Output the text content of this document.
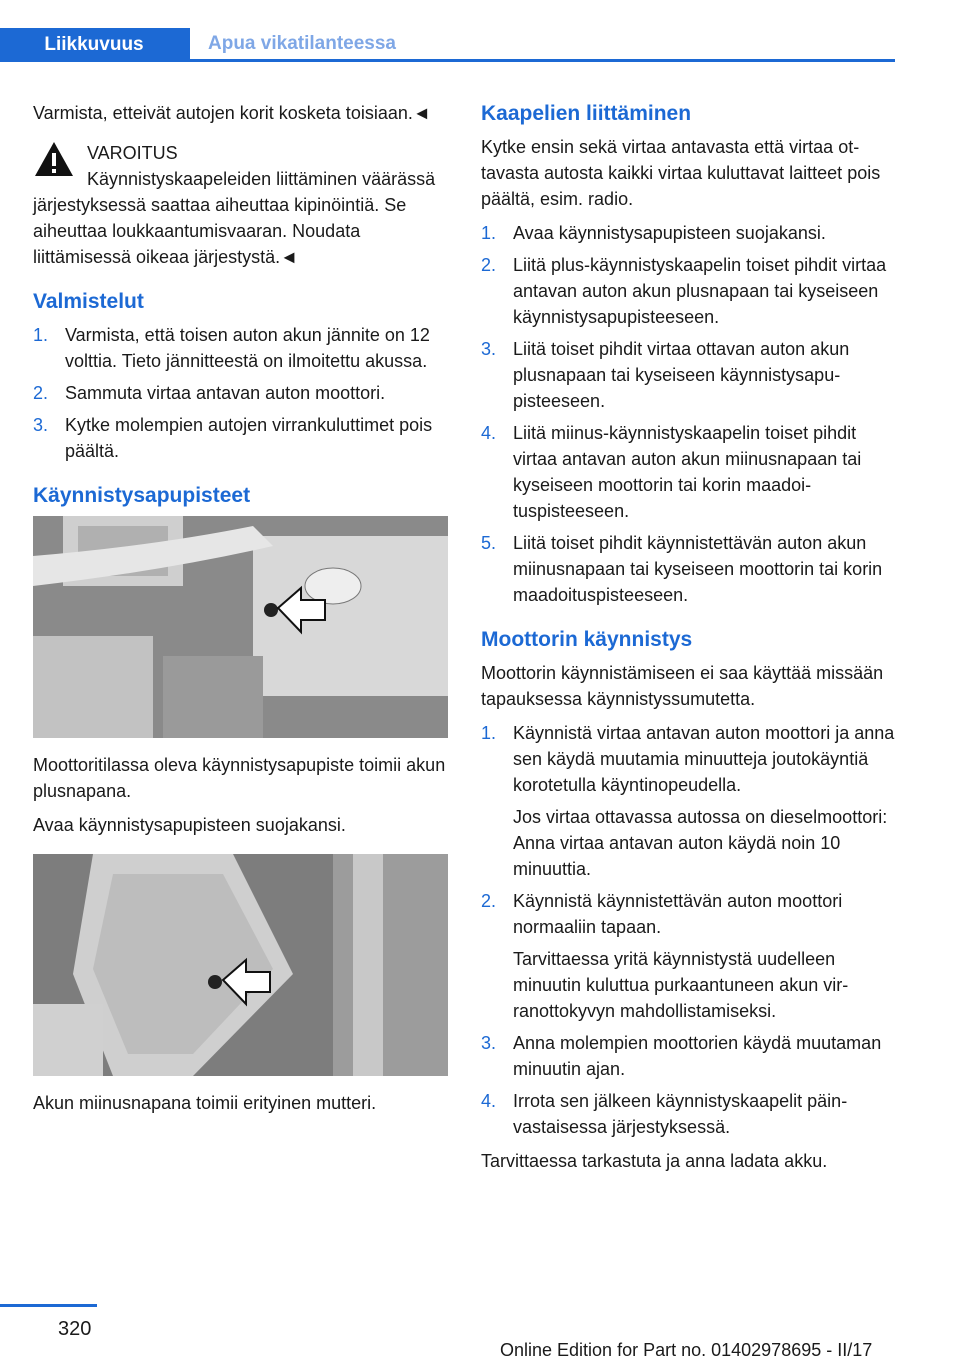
Liikkuvuus	Apua vikatilanteessa

Varmista, etteivät autojen korit kosketa toisiaan.◄

VAROITUS
Käynnistyskaapeleiden liittäminen väärässä järjestyksessä saattaa aiheuttaa kipinöintiä. Se aiheuttaa loukkaantumisvaaran. Noudata liittämisessä oikeaa järjestystä.◄
Valmistelut
1. Varmista, että toisen auton akun jännite on 12 volttia. Tieto jännitteestä on ilmoitettu akussa.
2. Sammuta virtaa antavan auton moottori.
3. Kytke molempien autojen virrankuluttimet pois päältä.
Käynnistysapupisteet

Moottoritilassa oleva käynnistysapupiste toimii akun plusnapana.

Avaa käynnistysapupisteen suojakansi.

Akun miinusnapana toimii erityinen mutteri.

Kaapelien liittäminen

Kytke ensin sekä virtaa antavasta että virtaa ottavasta autosta kaikki virtaa kuluttavat laitteet pois päältä, esim. radio.

1. Avaa käynnistysapupisteen suojakansi.
2. Liitä plus-käynnistyskaapelin toiset pihdit virtaa antavan auton akun plusnapaan tai kyseiseen käynnistysapupisteeseen.
3. Liitä toiset pihdit virtaa ottavan auton akun plusnapaan tai kyseiseen käynnistysapupisteeseen.
4. Liitä miinus-käynnistyskaapelin toiset pihdit virtaa antavan auton akun miinusnapaan tai kyseiseen moottorin tai korin maadoituspisteeseen.
5. Liitä toiset pihdit käynnistettävän auton akun miinusnapaan tai kyseiseen moottorin tai korin maadoituspisteeseen.
Moottorin käynnistys

Moottorin käynnistämiseen ei saa käyttää missään tapauksessa käynnistyssumutetta.

1. Käynnistä virtaa antavan auton moottori ja anna sen käydä muutamia minuutteja joutokäyntiä korotetulla käyntinopeudella.
Jos virtaa ottavassa autossa on dieselmoottori: Anna virtaa antavan auton käydä noin 10 minuuttia.
2. Käynnistä käynnistettävän auton moottori normaaliin tapaan.
Tarvittaessa yritä käynnistystä uudelleen minuutin kuluttua purkaantuneen akun virranottokyvyn mahdollistamiseksi.
3. Anna molempien moottorien käydä muutaman minuutin ajan.
4. Irrota sen jälkeen käynnistyskaapelit päinvastaisessa järjestyksessä.

Tarvittaessa tarkastuta ja anna ladata akku.

320
Online Edition for Part no. 01402978695 - II/17
